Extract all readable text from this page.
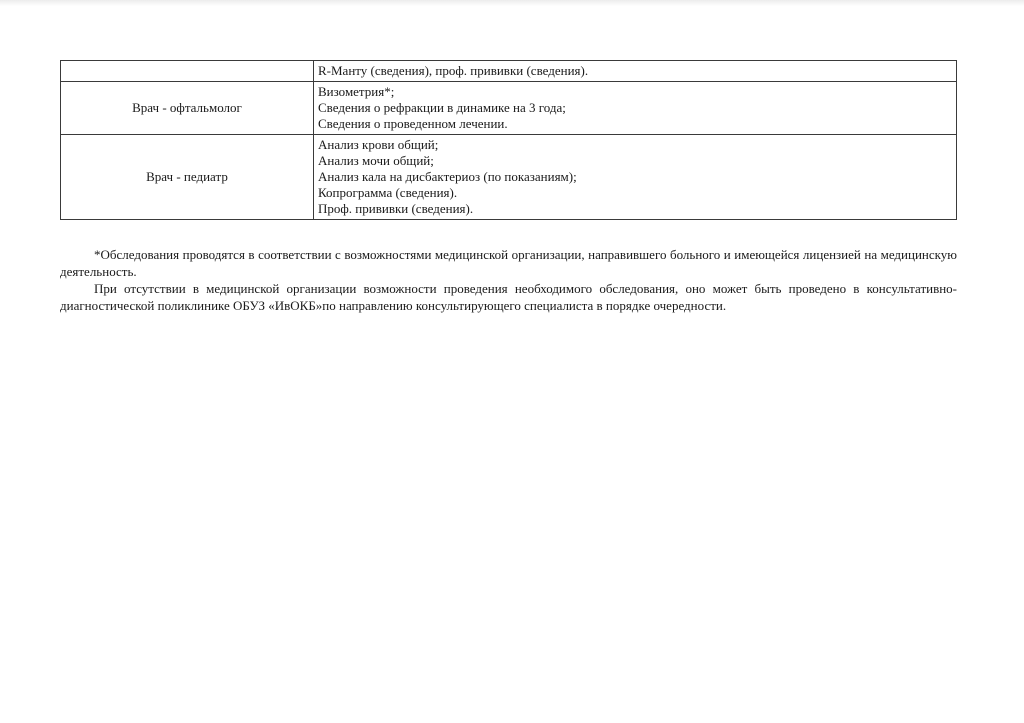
	R-Манту (сведения), проф. прививки (сведения).

Врач - офтальмолог	Визометрия*;
Сведения о рефракции в динамике на 3 года;
Сведения о проведенном лечении.

Врач - педиатр	Анализ крови общий;
Анализ мочи общий;
Анализ кала на дисбактериоз (по показаниям);
Копрограмма (сведения).
Проф. прививки (сведения).

*Обследования проводятся в соответствии с возможностями медицинской организации, направившего больного и имеющейся лицензией на медицинскую деятельность.

При отсутствии в медицинской организации возможности проведения необходимого обследования, оно может быть проведено в консультативно-диагностической поликлинике ОБУЗ «ИвОКБ»по направлению консультирующего специалиста в порядке очередности.
